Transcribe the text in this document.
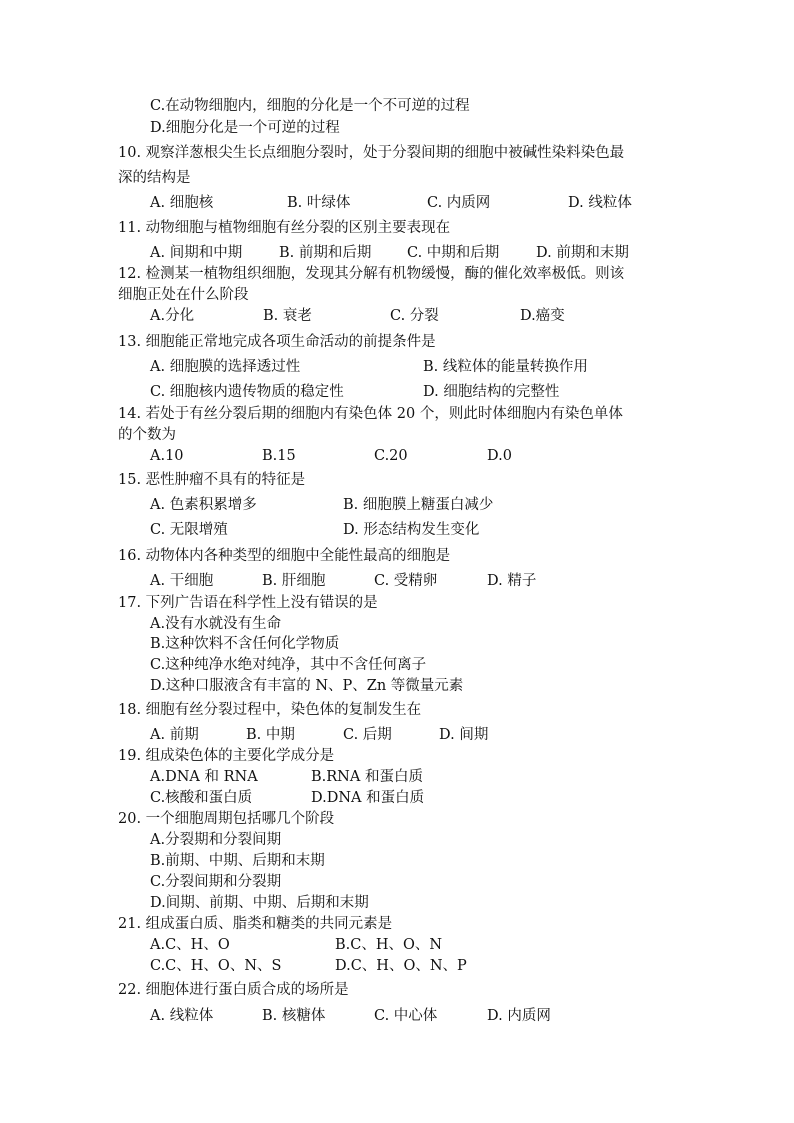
C.在动物细胞内，细胞的分化是一个不可逆的过程
D.细胞分化是一个可逆的过程
10. 观察洋葱根尖生长点细胞分裂时，处于分裂间期的细胞中被碱性染料染色最
深的结构是
A. 细胞核	B. 叶绿体	C. 内质网	D. 线粒体
11. 动物细胞与植物细胞有丝分裂的区别主要表现在
A. 间期和中期	B. 前期和后期 C. 中期和后期	D. 前期和末期
12. 检测某一植物组织细胞，发现其分解有机物缓慢，酶的催化效率极低。则该
细胞正处在什么阶段
A.分化	B. 衰老	C. 分裂	D.癌变
13. 细胞能正常地完成各项生命活动的前提条件是
A. 细胞膜的选择透过性	B. 线粒体的能量转换作用
C. 细胞核内遗传物质的稳定性	D. 细胞结构的完整性
14. 若处于有丝分裂后期的细胞内有染色体 20 个，则此时体细胞内有染色单体
的个数为
A.10	B.15	C.20	D.0
15. 恶性肿瘤不具有的特征是
A. 色素积累增多	B. 细胞膜上糖蛋白减少
C. 无限增殖	D. 形态结构发生变化
16. 动物体内各种类型的细胞中全能性最高的细胞是
A. 干细胞	B. 肝细胞	C. 受精卵	D. 精子
17. 下列广告语在科学性上没有错误的是
A.没有水就没有生命
B.这种饮料不含任何化学物质
C.这种纯净水绝对纯净，其中不含任何离子
D.这种口服液含有丰富的 N、P、Zn 等微量元素
18. 细胞有丝分裂过程中，染色体的复制发生在
A. 前期	B. 中期	C. 后期	D. 间期
19. 组成染色体的主要化学成分是
A.DNA 和 RNA	B.RNA 和蛋白质
C.核酸和蛋白质	D.DNA 和蛋白质
20. 一个细胞周期包括哪几个阶段
A.分裂期和分裂间期
B.前期、中期、后期和末期
C.分裂间期和分裂期
D.间期、前期、中期、后期和末期
21. 组成蛋白质、脂类和糖类的共同元素是
A.C、H、O	B.C、H、O、N
C.C、H、O、N、S	D.C、H、O、N、P
22. 细胞体进行蛋白质合成的场所是
A. 线粒体	B. 核糖体	C. 中心体	D. 内质网
